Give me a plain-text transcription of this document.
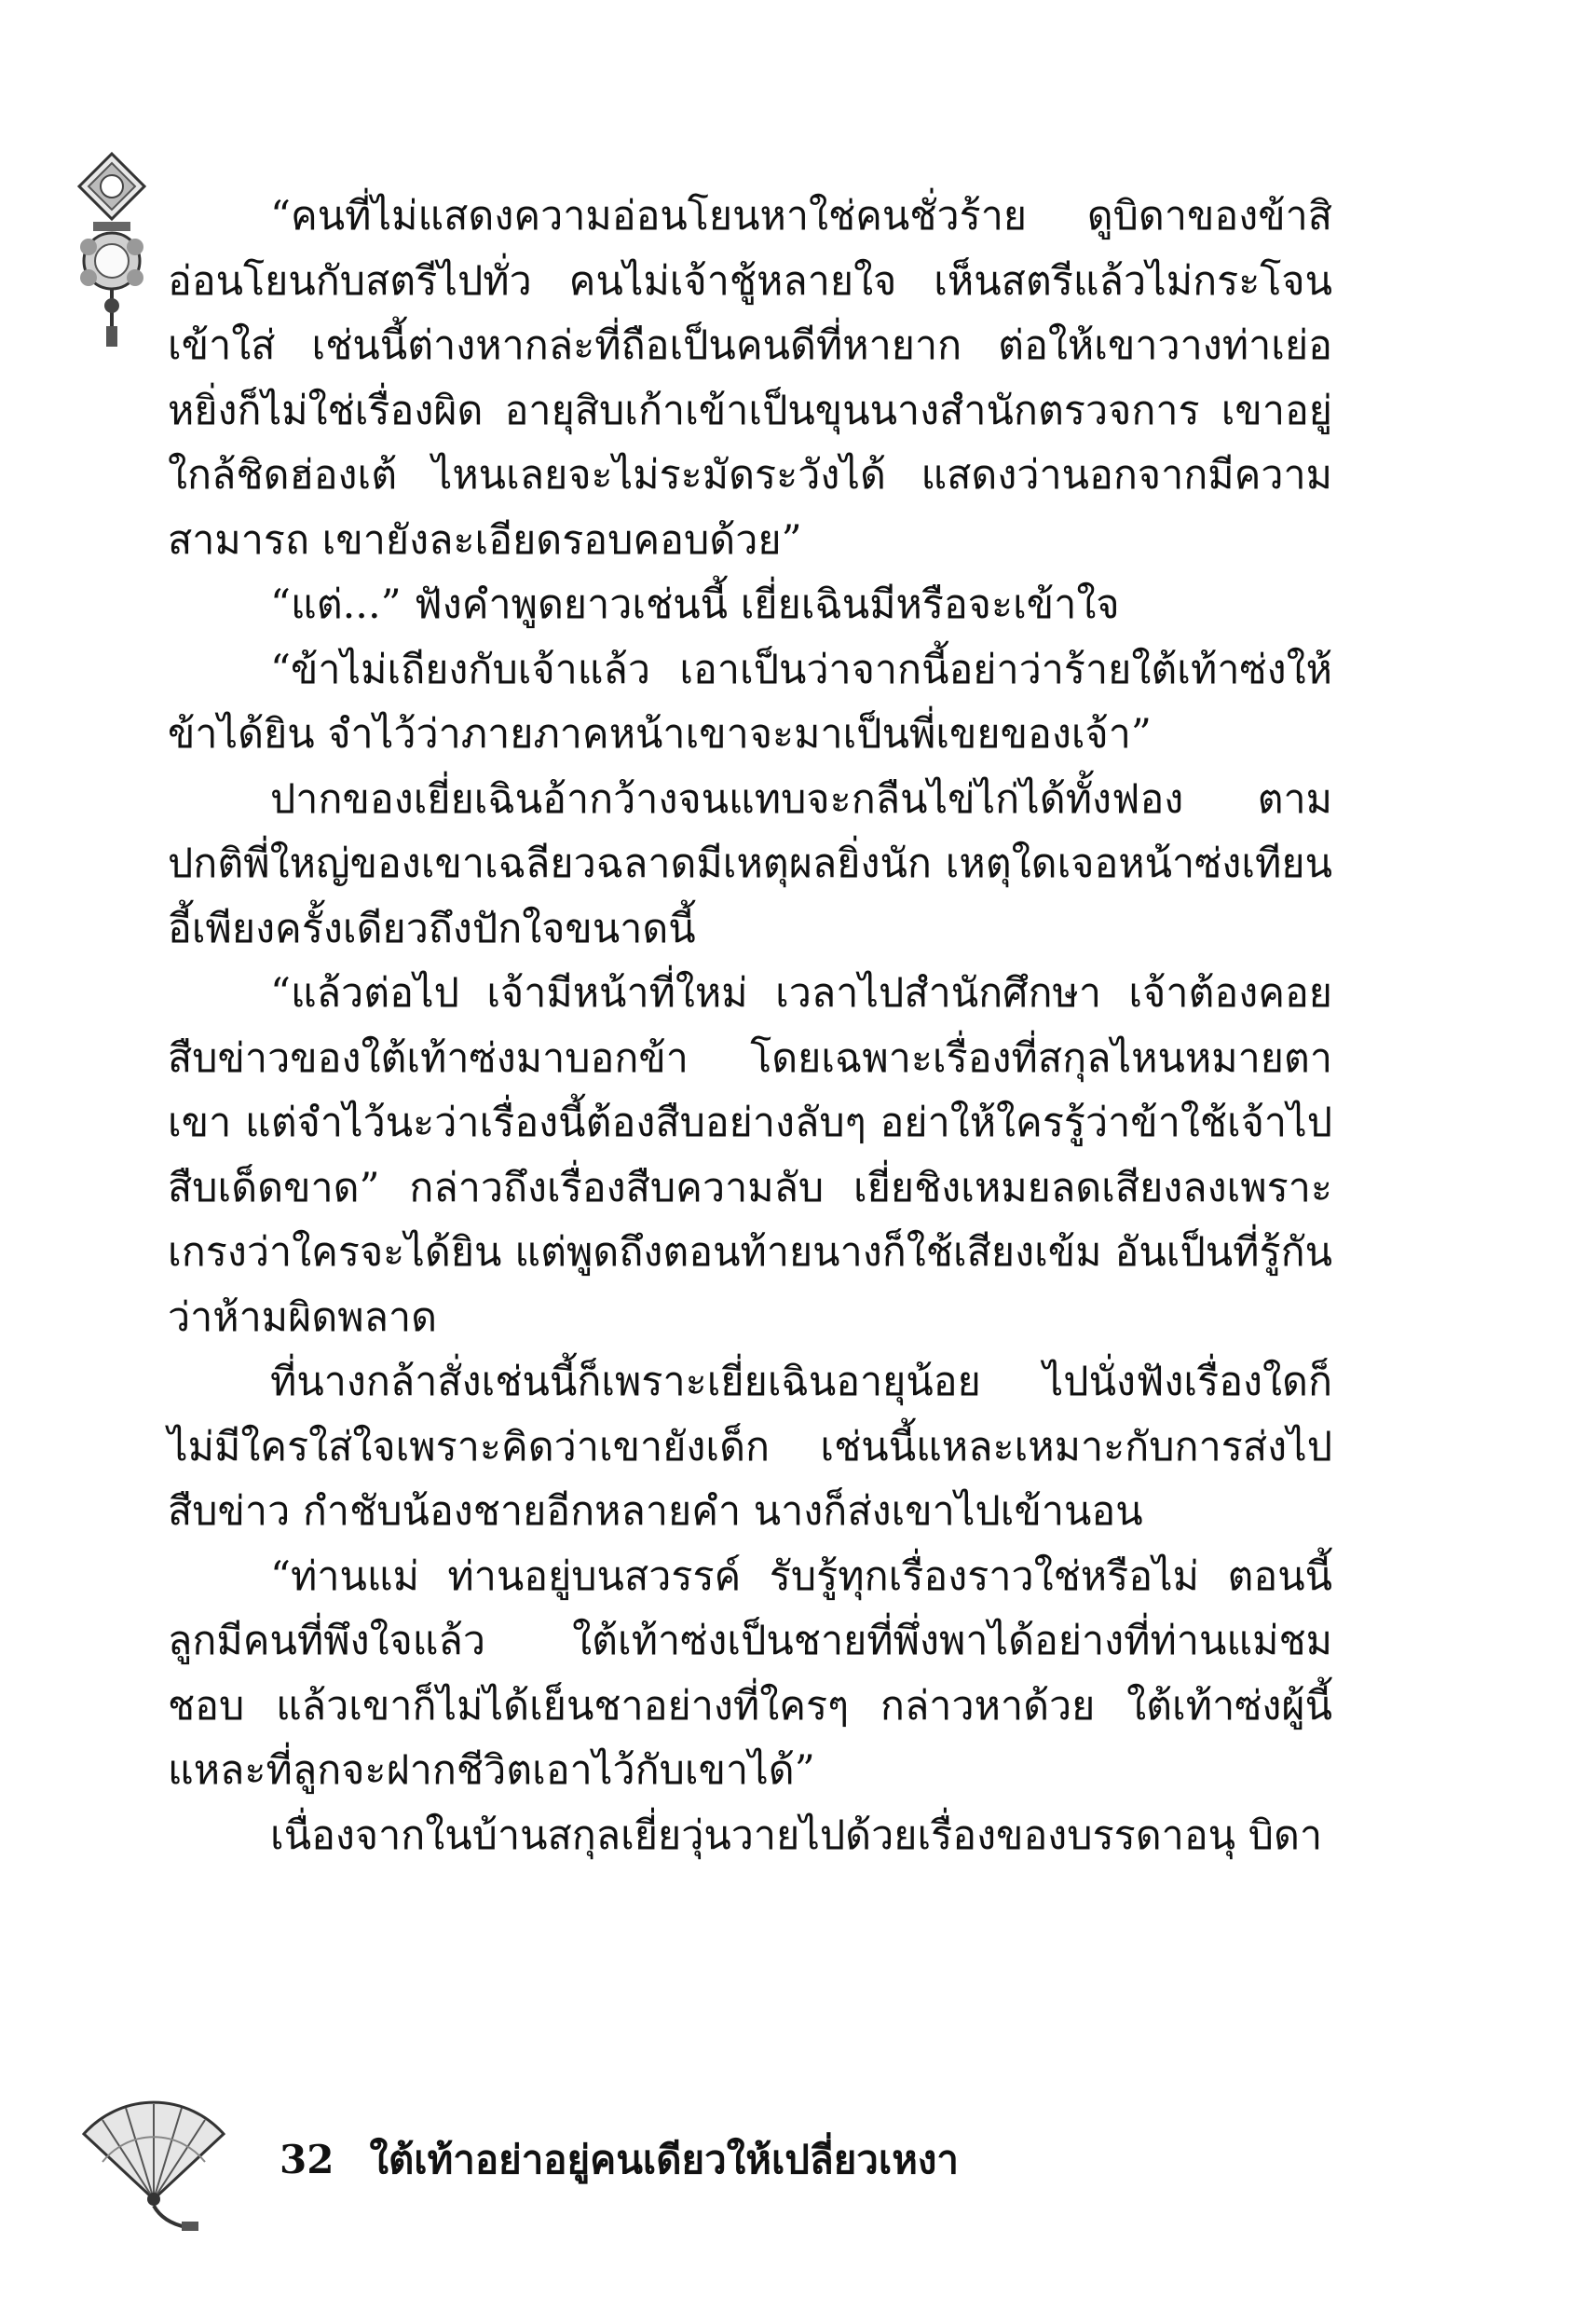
“คนที่ไม่แสดงความอ่อนโยนหาใช่คนชั่วร้าย ดูบิดาของข้าสิ อ่อนโยนกับสตรีไปทั่ว คนไม่เจ้าชู้หลายใจ เห็นสตรีแล้วไม่กระโจนเข้าใส่ เช่นนี้ต่างหากล่ะที่ถือเป็นคนดีที่หายาก ต่อให้เขาวางท่าเย่อหยิ่งก็ไม่ใช่เรื่องผิด อายุสิบเก้าเข้าเป็นขุนนางสำนักตรวจการ เขาอยู่ใกล้ชิดฮ่องเต้ ไหนเลยจะไม่ระมัดระวังได้ แสดงว่านอกจากมีความสามารถ เขายังละเอียดรอบคอบด้วย”

“แต่...” ฟังคำพูดยาวเช่นนี้ เยี่ยเฉินมีหรือจะเข้าใจ

“ข้าไม่เถียงกับเจ้าแล้ว เอาเป็นว่าจากนี้อย่าว่าร้ายใต้เท้าซ่งให้ข้าได้ยิน จำไว้ว่าภายภาคหน้าเขาจะมาเป็นพี่เขยของเจ้า”

ปากของเยี่ยเฉินอ้ากว้างจนแทบจะกลืนไข่ไก่ได้ทั้งฟอง ตามปกติพี่ใหญ่ของเขาเฉลียวฉลาดมีเหตุผลยิ่งนัก เหตุใดเจอหน้าซ่งเทียนอี้เพียงครั้งเดียวถึงปักใจขนาดนี้

“แล้วต่อไป เจ้ามีหน้าที่ใหม่ เวลาไปสำนักศึกษา เจ้าต้องคอยสืบข่าวของใต้เท้าซ่งมาบอกข้า โดยเฉพาะเรื่องที่สกุลไหนหมายตาเขา แต่จำไว้นะว่าเรื่องนี้ต้องสืบอย่างลับๆ อย่าให้ใครรู้ว่าข้าใช้เจ้าไปสืบเด็ดขาด” กล่าวถึงเรื่องสืบความลับ เยี่ยชิงเหมยลดเสียงลงเพราะเกรงว่าใครจะได้ยิน แต่พูดถึงตอนท้ายนางก็ใช้เสียงเข้ม อันเป็นที่รู้กันว่าห้ามผิดพลาด

ที่นางกล้าสั่งเช่นนี้ก็เพราะเยี่ยเฉินอายุน้อย ไปนั่งฟังเรื่องใดก็ไม่มีใครใส่ใจเพราะคิดว่าเขายังเด็ก เช่นนี้แหละเหมาะกับการส่งไปสืบข่าว กำชับน้องชายอีกหลายคำ นางก็ส่งเขาไปเข้านอน

“ท่านแม่ ท่านอยู่บนสวรรค์ รับรู้ทุกเรื่องราวใช่หรือไม่ ตอนนี้ลูกมีคนที่พึงใจแล้ว ใต้เท้าซ่งเป็นชายที่พึ่งพาได้อย่างที่ท่านแม่ชมชอบ แล้วเขาก็ไม่ได้เย็นชาอย่างที่ใครๆ กล่าวหาด้วย ใต้เท้าซ่งผู้นี้แหละที่ลูกจะฝากชีวิตเอาไว้กับเขาได้”

เนื่องจากในบ้านสกุลเยี่ยวุ่นวายไปด้วยเรื่องของบรรดาอนุ บิดา

32 ใต้เท้าอย่าอยู่คนเดียวให้เปลี่ยวเหงา
